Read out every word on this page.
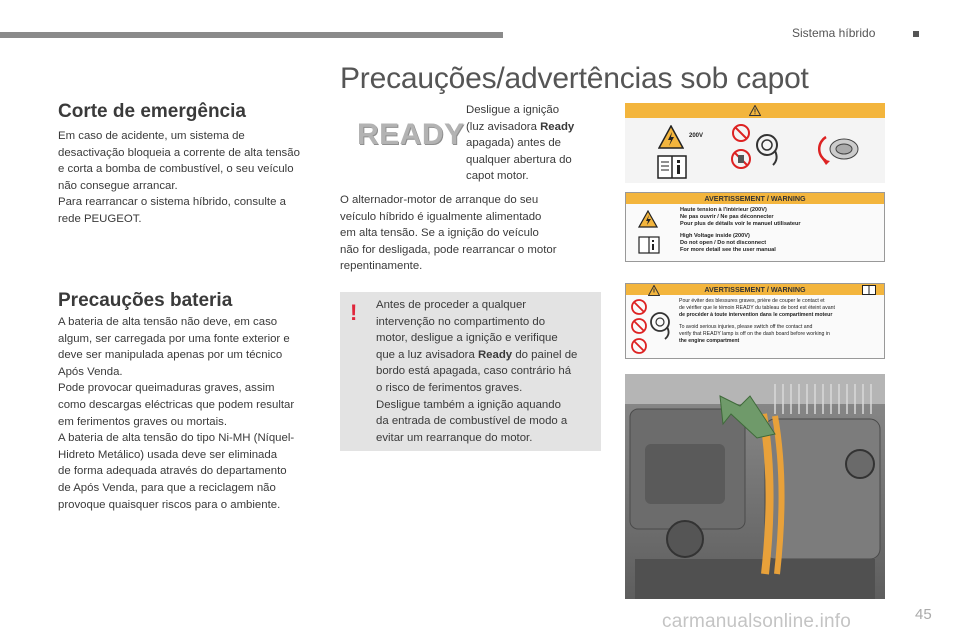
Sistema híbrido
Precauções/advertências sob capot
Corte de emergência
Em caso de acidente, um sistema de
desactivação bloqueia a corrente de alta tensão
e corta a bomba de combustível, o seu veículo
não consegue arrancar.
Para rearrancar o sistema híbrido, consulte a
rede PEUGEOT.
Precauções bateria
A bateria de alta tensão não deve, em caso
algum, ser carregada por uma fonte exterior e
deve ser manipulada apenas por um técnico
Após Venda.
Pode provocar queimaduras graves, assim
como descargas eléctricas que podem resultar
em ferimentos graves ou mortais.
A bateria de alta tensão do tipo Ni-MH (Níquel-
Hidreto Metálico) usada deve ser eliminada
de forma adequada através do departamento
de Após Venda, para que a reciclagem não
provoque quaisquer riscos para o ambiente.
READY
Desligue a ignição
(luz avisadora Ready
apagada) antes de
qualquer abertura do
capot motor.
O alternador-motor de arranque do seu
veículo híbrido é igualmente alimentado
em alta tensão. Se a ignição do veículo
não for desligada, pode rearrancar o motor
repentinamente.
! Antes de proceder a qualquer
intervenção no compartimento do
motor, desligue a ignição e verifique
que a luz avisadora Ready do painel de
bordo está apagada, caso contrário há
o risco de ferimentos graves.
Desligue também a ignição aquando
da entrada de combustível de modo a
evitar um rearranque do motor.
200V
AVERTISSEMENT / WARNING
Haute tension à l'intérieur (200V)
Ne pas ouvrir / Ne pas déconnecter
Pour plus de détails voir le manuel utilisateur
High Voltage inside (200V)
Do not open / Do not disconnect
For more detail see the user manual
AVERTISSEMENT / WARNING
Pour éviter des blessures graves, prière de couper le contact et
de vérifier que le témoin READY du tableau de bord est éteint avant
de procéder à toute intervention dans le compartiment moteur
To avoid serious injuries, please switch off the contact and
verify that READY lamp is off on the dash board before working in
the engine compartment
carmanualsonline.info	45
